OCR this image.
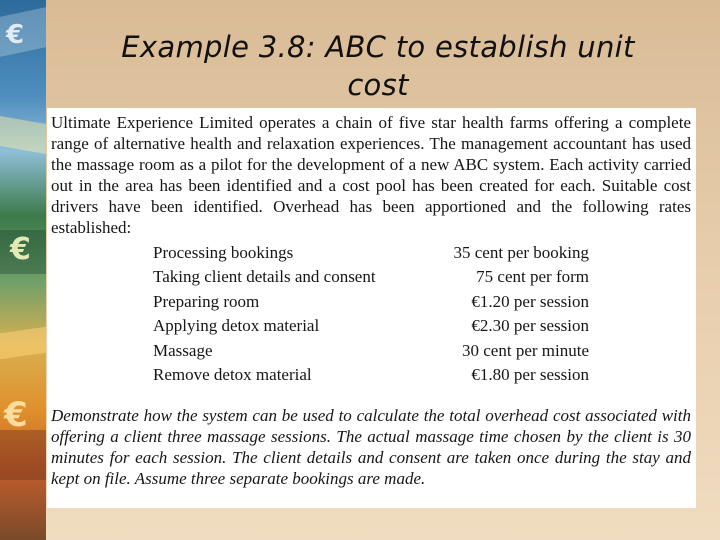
€
€
€
Example 3.8: ABC to establish unit
cost

Ultimate Experience Limited operates a chain of five star health farms offering a complete range of alternative health and relaxation experiences. The management accountant has used the massage room as a pilot for the development of a new ABC system. Each activity carried out in the area has been identified and a cost pool has been created for each. Suitable cost drivers have been identified. Overhead has been apportioned and the following rates established:

Processing bookings	35 cent per booking
Taking client details and consent	75 cent per form
Preparing room	€1.20 per session
Applying detox material	€2.30 per session
Massage	30 cent per minute
Remove detox material	€1.80 per session

Demonstrate how the system can be used to calculate the total overhead cost associated with offering a client three massage sessions. The actual massage time chosen by the client is 30 minutes for each session. The client details and consent are taken once during the stay and kept on file. Assume three separate bookings are made.
